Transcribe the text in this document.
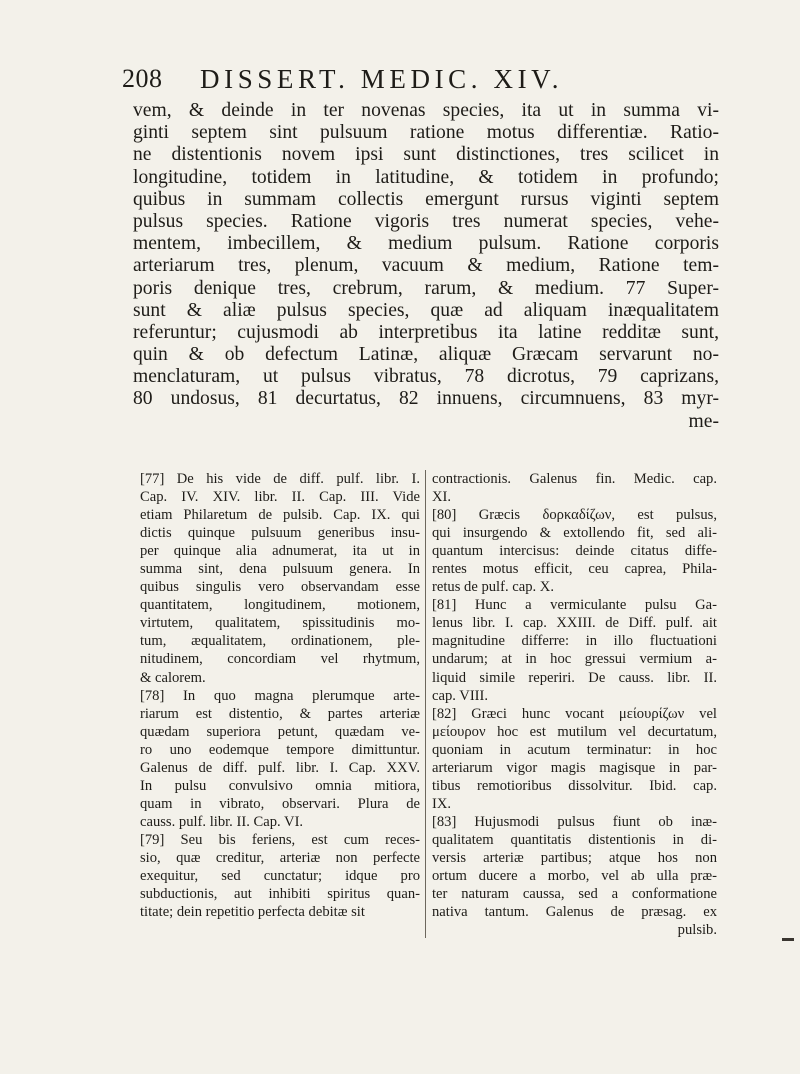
208 DISSERT. MEDIC. XIV.
vem, & deinde in ter novenas species, ita ut in summa vi-
ginti septem sint pulsuum ratione motus differentiæ. Ratio-
ne distentionis novem ipsi sunt distinctiones, tres scilicet in
longitudine, totidem in latitudine, & totidem in profundo;
quibus in summam collectis emergunt rursus viginti septem
pulsus species. Ratione vigoris tres numerat species, vehe-
mentem, imbecillem, & medium pulsum. Ratione corporis
arteriarum tres, plenum, vacuum & medium, Ratione tem-
poris denique tres, crebrum, rarum, & medium. 77 Super-
sunt & aliæ pulsus species, quæ ad aliquam inæqualitatem
referuntur; cujusmodi ab interpretibus ita latine redditæ sunt,
quin & ob defectum Latinæ, aliquæ Græcam servarunt no-
menclaturam, ut pulsus vibratus, 78 dicrotus, 79 caprizans,
80 undosus, 81 decurtatus, 82 innuens, circumnuens, 83 myr-
me-
[77] De his vide de diff. pulf. libr. I.
Cap. IV. XIV. libr. II. Cap. III. Vide
etiam Philaretum de pulsib. Cap. IX. qui
dictis quinque pulsuum generibus insu-
per quinque alia adnumerat, ita ut in
summa sint, dena pulsuum genera. In
quibus singulis vero observandam esse
quantitatem, longitudinem, motionem,
virtutem, qualitatem, spissitudinis mo-
tum, æqualitatem, ordinationem, ple-
nitudinem, concordiam vel rhytmum,
& calorem.
[78] In quo magna plerumque arte-
riarum est distentio, & partes arteriæ
quædam superiora petunt, quædam ve-
ro uno eodemque tempore dimittuntur.
Galenus de diff. pulf. libr. I. Cap. XXV.
In pulsu convulsivo omnia mitiora,
quam in vibrato, observari. Plura de
causs. pulf. libr. II. Cap. VI.
[79] Seu bis feriens, est cum reces-
sio, quæ creditur, arteriæ non perfecte
exequitur, sed cunctatur; idque pro
subductionis, aut inhibiti spiritus quan-
titate; dein repetitio perfecta debitæ sit
contractionis. Galenus fin. Medic. cap.
XI.
[80] Græcis δορκαδίζων, est pulsus,
qui insurgendo & extollendo fit, sed ali-
quantum intercisus: deinde citatus diffe-
rentes motus efficit, ceu caprea, Phila-
retus de pulf. cap. X.
[81] Hunc a vermiculante pulsu Ga-
lenus libr. I. cap. XXIII. de Diff. pulf. ait
magnitudine differre: in illo fluctuationi
undarum; at in hoc gressui vermium a-
liquid simile reperiri. De causs. libr. II.
cap. VIII.
[82] Græci hunc vocant μείουρίζων vel
μείουρον hoc est mutilum vel decurtatum,
quoniam in acutum terminatur: in hoc
arteriarum vigor magis magisque in par-
tibus remotioribus dissolvitur. Ibid. cap.
IX.
[83] Hujusmodi pulsus fiunt ob inæ-
qualitatem quantitatis distentionis in di-
versis arteriæ partibus; atque hos non
ortum ducere a morbo, vel ab ulla præ-
ter naturam caussa, sed a conformatione
nativa tantum. Galenus de præsag. ex
pulsib.
